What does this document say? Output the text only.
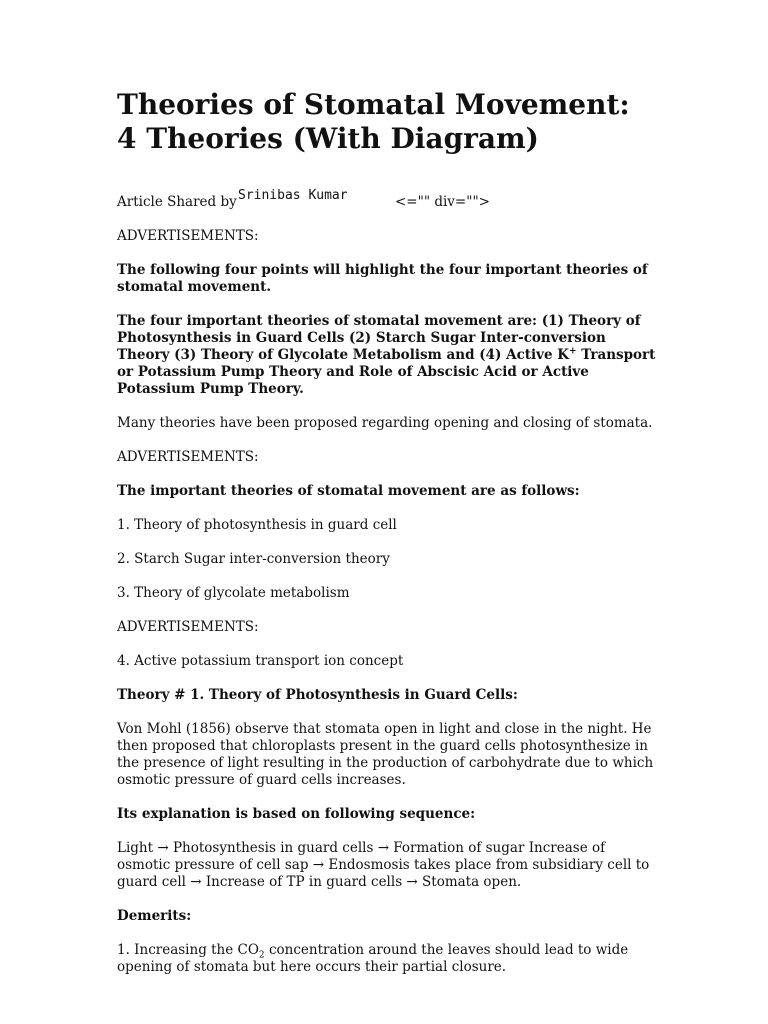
Theories of Stomatal Movement: 4 Theories (With Diagram)
Article Shared by Srinibas Kumar	<="" div="">

ADVERTISEMENTS:

The following four points will highlight the four important theories of stomatal movement.

The four important theories of stomatal movement are: (1) Theory of Photosynthesis in Guard Cells (2) Starch Sugar Inter-conversion Theory (3) Theory of Glycolate Metabolism and (4) Active K+ Transport or Potassium Pump Theory and Role of Abscisic Acid or Active Potassium Pump Theory.

Many theories have been proposed regarding opening and closing of stomata.

ADVERTISEMENTS:

The important theories of stomatal movement are as follows:

1. Theory of photosynthesis in guard cell

2. Starch Sugar inter-conversion theory

3. Theory of glycolate metabolism

ADVERTISEMENTS:

4. Active potassium transport ion concept

Theory # 1. Theory of Photosynthesis in Guard Cells:

Von Mohl (1856) observe that stomata open in light and close in the night. He then proposed that chloroplasts present in the guard cells photosynthesize in the presence of light resulting in the production of carbohydrate due to which osmotic pressure of guard cells increases.

Its explanation is based on following sequence:

Light → Photosynthesis in guard cells → Formation of sugar Increase of osmotic pressure of cell sap → Endosmosis takes place from subsidiary cell to guard cell → Increase of TP in guard cells → Stomata open.

Demerits:

1. Increasing the $CO_2$ concentration around the leaves should lead to wide opening of stomata but here occurs their partial closure.
